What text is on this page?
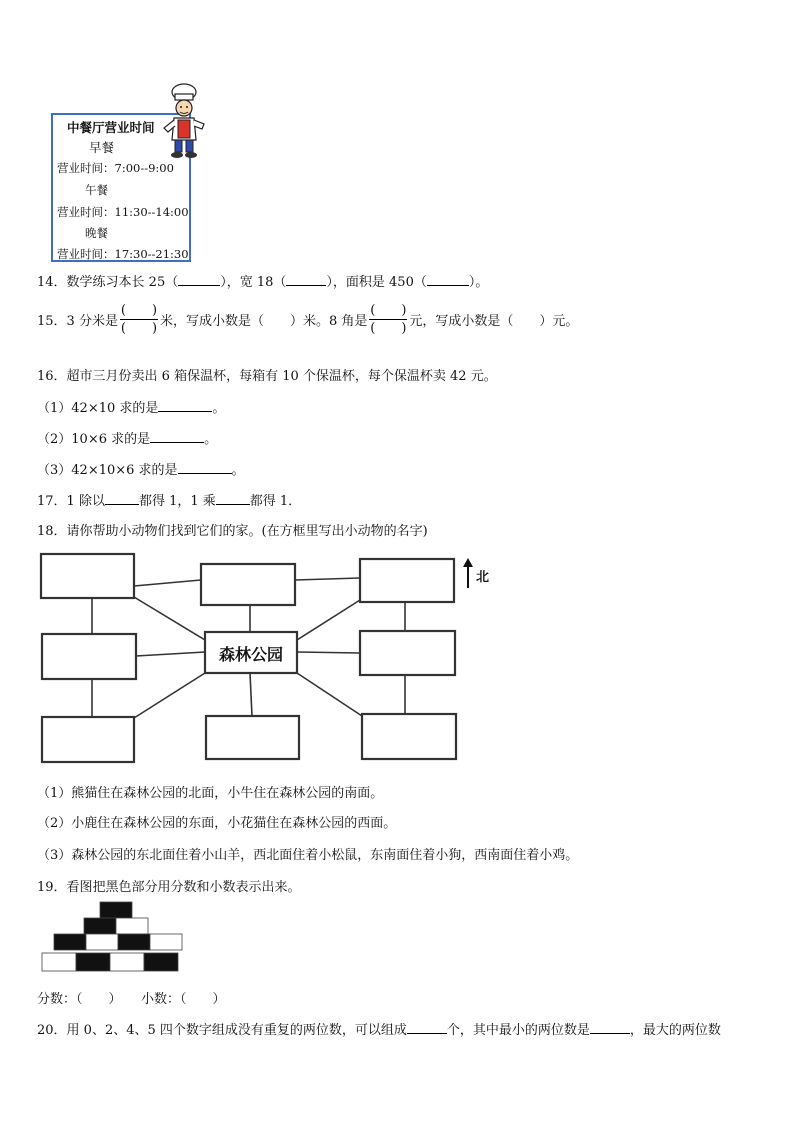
中餐厅营业时间
早餐
营业时间：7:00--9:00
午餐
营业时间：11:30--14:00
晚餐
营业时间：17:30--21:30
14．数学练习本长 25（	），宽 18（	），面积是 450（	）。
15．3 分米是 $\frac{( )}{( )}$ 米，写成小数是（　　）米。8 角是 $\frac{( )}{( )}$ 元，写成小数是（　　）元。
16．超市三月份卖出 6 箱保温杯，每箱有 10 个保温杯，每个保温杯卖 42 元。
（1）42×10 求的是	。
（2）10×6 求的是	。
（3）42×10×6 求的是	。
17．1 除以	都得 1，1 乘	都得 1．
18．请你帮助小动物们找到它们的家。(在方框里写出小动物的名字)
森林公园
北
（1）熊猫住在森林公园的北面，小牛住在森林公园的南面。
（2）小鹿住在森林公园的东面，小花猫住在森林公园的西面。
（3）森林公园的东北面住着小山羊，西北面住着小松鼠，东南面住着小狗，西南面住着小鸡。
19．看图把黑色部分用分数和小数表示出来。
分数：（　　）　　小数：（　　）
20．用 0、2、4、5 四个数字组成没有重复的两位数，可以组成	个，其中最小的两位数是	，最大的两位数
